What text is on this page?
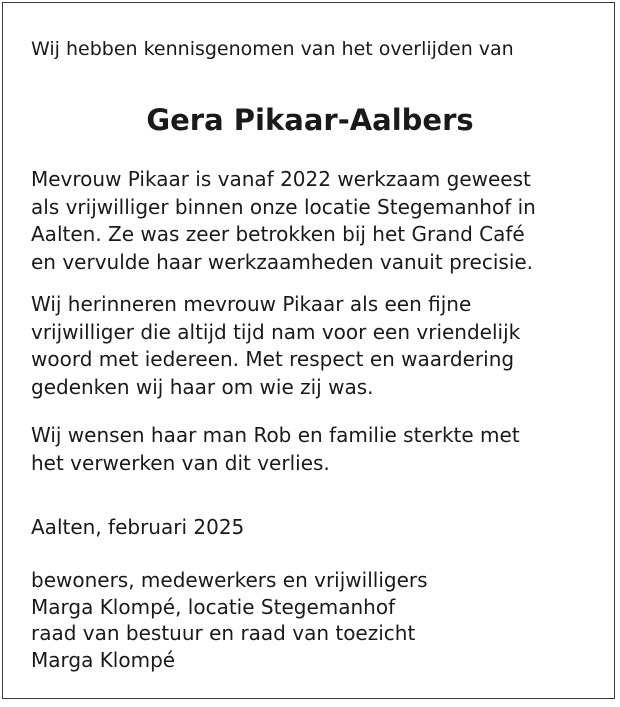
Wij hebben kennisgenomen van het overlijden van

Gera Pikaar-Aalbers

Mevrouw Pikaar is vanaf 2022 werkzaam geweest
als vrijwilliger binnen onze locatie Stegemanhof in
Aalten. Ze was zeer betrokken bij het Grand Café
en vervulde haar werkzaamheden vanuit precisie.

Wij herinneren mevrouw Pikaar als een fijne
vrijwilliger die altijd tijd nam voor een vriendelijk
woord met iedereen. Met respect en waardering
gedenken wij haar om wie zij was.

Wij wensen haar man Rob en familie sterkte met
het verwerken van dit verlies.

Aalten, februari 2025

bewoners, medewerkers en vrijwilligers
Marga Klompé, locatie Stegemanhof
raad van bestuur en raad van toezicht
Marga Klompé
